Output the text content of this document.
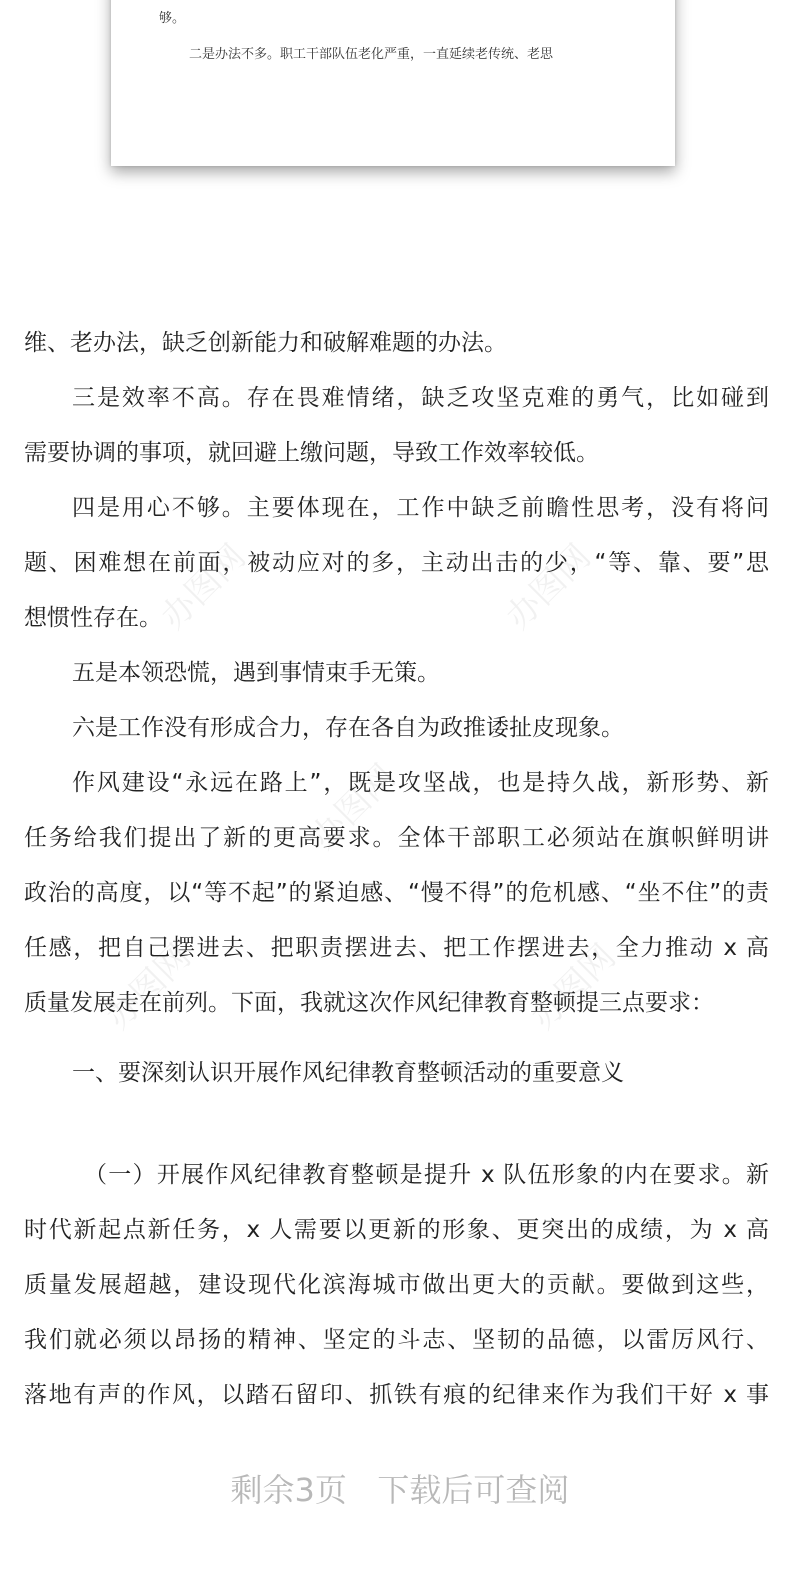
办图网	办图网
办图网
办图网	办图网
够。
二是办法不多。职工干部队伍老化严重，一直延续老传统、老思
维、老办法，缺乏创新能力和破解难题的办法。
三是效率不高。存在畏难情绪，缺乏攻坚克难的勇气，比如碰到
需要协调的事项，就回避上缴问题，导致工作效率较低。
四是用心不够。主要体现在，工作中缺乏前瞻性思考，没有将问
题、困难想在前面，被动应对的多，主动出击的少，“等、靠、要”思
想惯性存在。
五是本领恐慌，遇到事情束手无策。
六是工作没有形成合力，存在各自为政推诿扯皮现象。
作风建设“永远在路上”，既是攻坚战，也是持久战，新形势、新
任务给我们提出了新的更高要求。全体干部职工必须站在旗帜鲜明讲
政治的高度，以“等不起”的紧迫感、“慢不得”的危机感、“坐不住”的责
任感，把自己摆进去、把职责摆进去、把工作摆进去，全力推动 x 高
质量发展走在前列。下面，我就这次作风纪律教育整顿提三点要求：
一、要深刻认识开展作风纪律教育整顿活动的重要意义
（一）开展作风纪律教育整顿是提升 x 队伍形象的内在要求。新
时代新起点新任务，x 人需要以更新的形象、更突出的成绩，为 x 高
质量发展超越，建设现代化滨海城市做出更大的贡献。要做到这些，
我们就必须以昂扬的精神、坚定的斗志、坚韧的品德，以雷厉风行、
落地有声的作风，以踏石留印、抓铁有痕的纪律来作为我们干好 x 事
剩余3页   下载后可查阅
